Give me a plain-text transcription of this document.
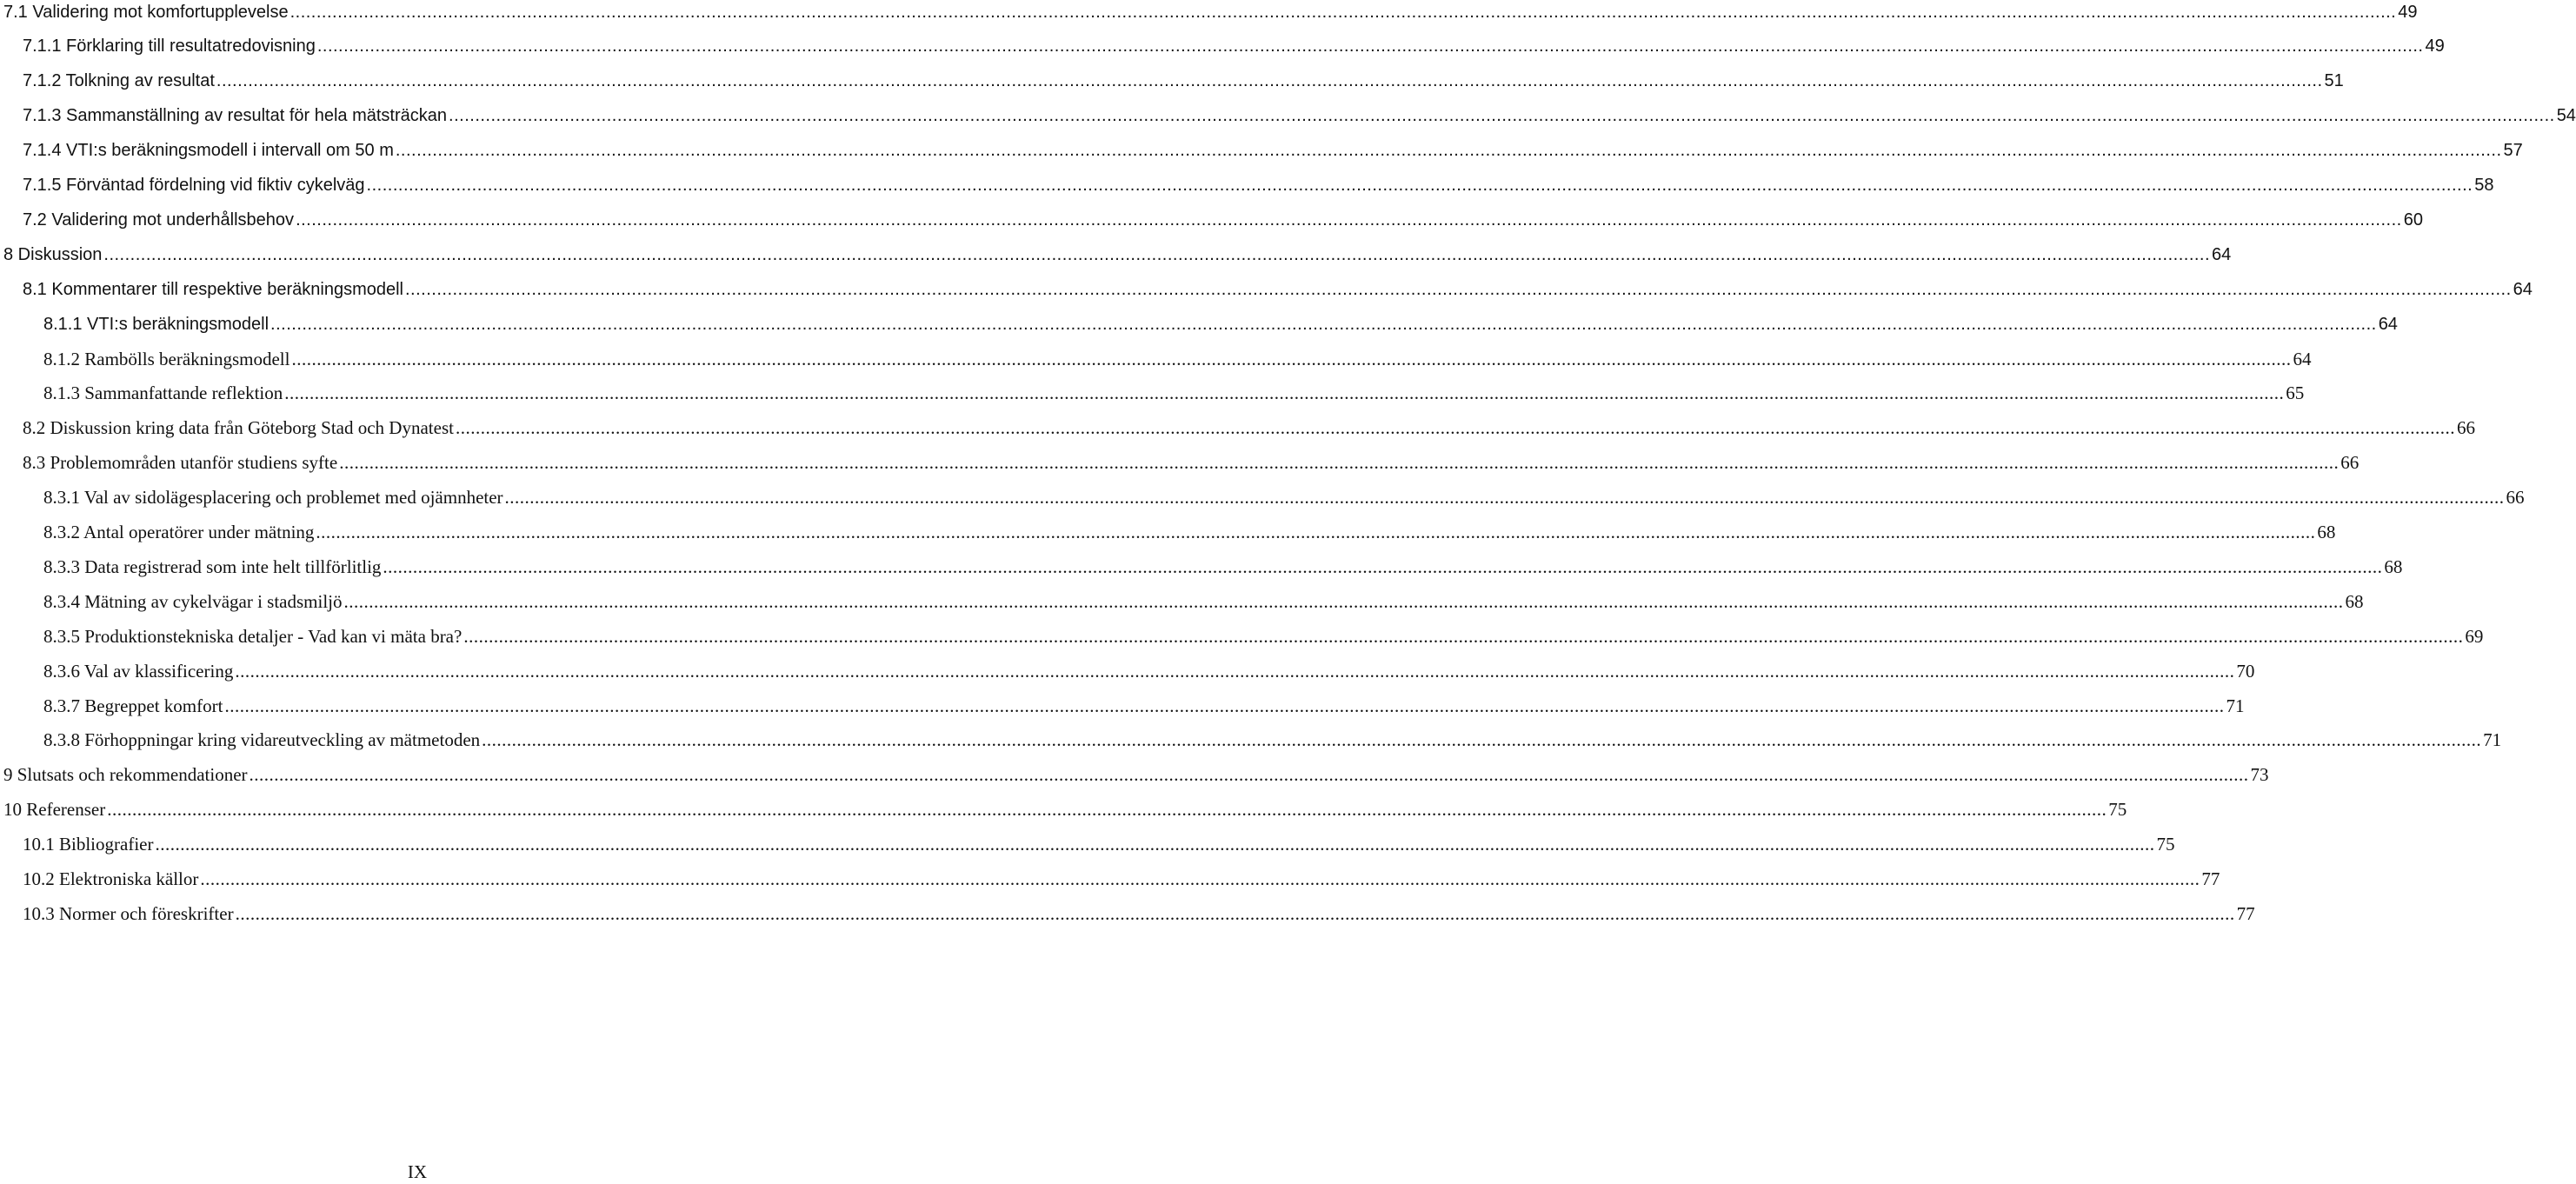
7.1 Validering mot komfortupplevelse ................................................................................................................................................................................................................................................................................................................................................................................................................ 49
7.1.1 Förklaring till resultatredovisning ................................................................................................................................................................................................................................................................................................................................................................................................................ 49
7.1.2 Tolkning av resultat ................................................................................................................................................................................................................................................................................................................................................................................................................ 51
7.1.3 Sammanställning av resultat för hela mätsträckan ................................................................................................................................................................................................................................................................................................................................................................................................................ 54
7.1.4 VTI:s beräkningsmodell i intervall om 50 m ................................................................................................................................................................................................................................................................................................................................................................................................................ 57
7.1.5 Förväntad fördelning vid fiktiv cykelväg ................................................................................................................................................................................................................................................................................................................................................................................................................ 58
7.2 Validering mot underhållsbehov ................................................................................................................................................................................................................................................................................................................................................................................................................ 60
8 Diskussion ................................................................................................................................................................................................................................................................................................................................................................................................................ 64
8.1 Kommentarer till respektive beräkningsmodell ................................................................................................................................................................................................................................................................................................................................................................................................................ 64
8.1.1 VTI:s beräkningsmodell ................................................................................................................................................................................................................................................................................................................................................................................................................ 64
8.1.2 Rambölls beräkningsmodell ................................................................................................................................................................................................................................................................................................................................................................................................................ 64
8.1.3 Sammanfattande reflektion ................................................................................................................................................................................................................................................................................................................................................................................................................ 65
8.2 Diskussion kring data från Göteborg Stad och Dynatest ................................................................................................................................................................................................................................................................................................................................................................................................................ 66
8.3 Problemområden utanför studiens syfte ................................................................................................................................................................................................................................................................................................................................................................................................................ 66
8.3.1 Val av sidolägesplacering och problemet med ojämnheter ................................................................................................................................................................................................................................................................................................................................................................................................................ 66
8.3.2 Antal operatörer under mätning ................................................................................................................................................................................................................................................................................................................................................................................................................ 68
8.3.3 Data registrerad som inte helt tillförlitlig ................................................................................................................................................................................................................................................................................................................................................................................................................ 68
8.3.4 Mätning av cykelvägar i stadsmiljö ................................................................................................................................................................................................................................................................................................................................................................................................................ 68
8.3.5 Produktionstekniska detaljer - Vad kan vi mäta bra? ................................................................................................................................................................................................................................................................................................................................................................................................................ 69
8.3.6 Val av klassificering ................................................................................................................................................................................................................................................................................................................................................................................................................ 70
8.3.7 Begreppet komfort ................................................................................................................................................................................................................................................................................................................................................................................................................ 71
8.3.8 Förhoppningar kring vidareutveckling av mätmetoden ................................................................................................................................................................................................................................................................................................................................................................................................................ 71
9 Slutsats och rekommendationer ................................................................................................................................................................................................................................................................................................................................................................................................................ 73
10 Referenser ................................................................................................................................................................................................................................................................................................................................................................................................................ 75
10.1 Bibliografier ................................................................................................................................................................................................................................................................................................................................................................................................................ 75
10.2 Elektroniska källor ................................................................................................................................................................................................................................................................................................................................................................................................................ 77
10.3 Normer och föreskrifter ................................................................................................................................................................................................................................................................................................................................................................................................................ 77
IX
